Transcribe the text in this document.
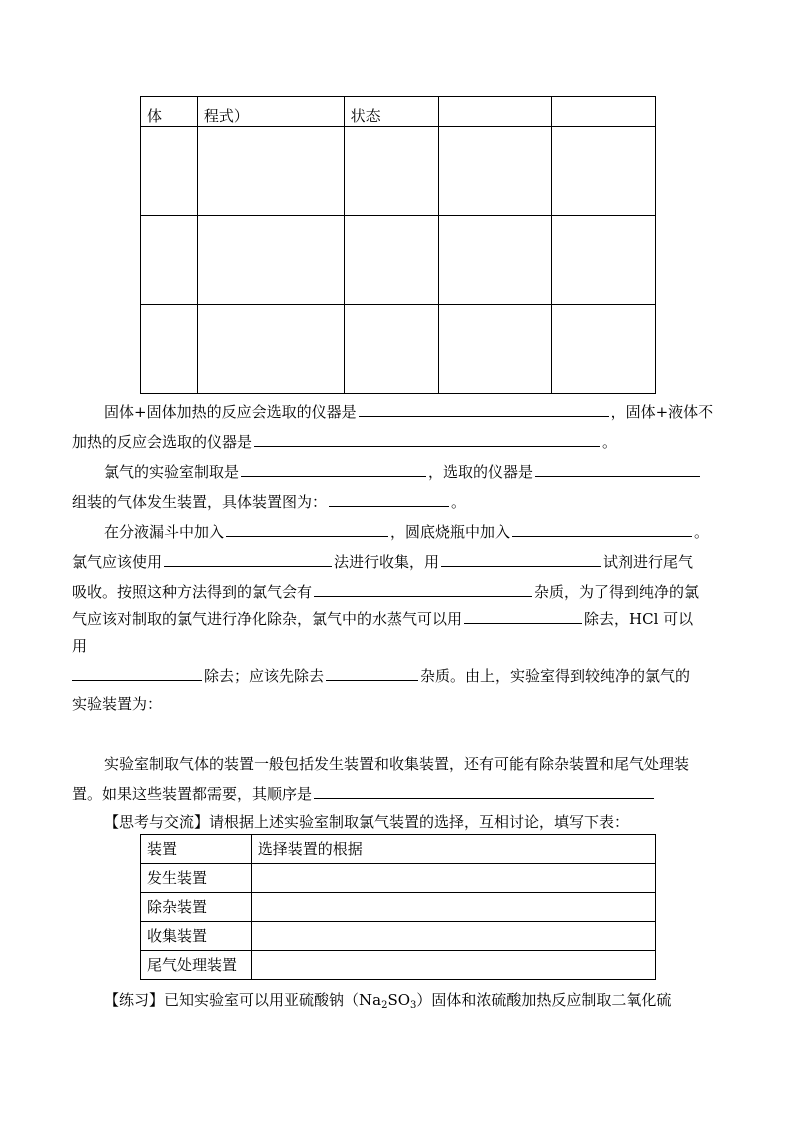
体	程式）	状态		

固体+固体加热的反应会选取的仪器是	，固体+液体不
加热的反应会选取的仪器是	。
氯气的实验室制取是	，选取的仪器是
组装的气体发生装置，具体装置图为：	。
在分液漏斗中加入	，圆底烧瓶中加入	。
氯气应该使用	法进行收集，用	试剂进行尾气
吸收。按照这种方法得到的氯气会有	杂质，为了得到纯净的氯
气应该对制取的氯气进行净化除杂，氯气中的水蒸气可以用	除去，HCl 可以
用
除去；应该先除去	杂质。由上，实验室得到较纯净的氯气的
实验装置为：
实验室制取气体的装置一般包括发生装置和收集装置，还有可能有除杂装置和尾气处理装
置。如果这些装置都需要，其顺序是
【思考与交流】请根据上述实验室制取氯气装置的选择，互相讨论，填写下表：
装置	选择装置的根据
发生装置	
除杂装置	
收集装置	
尾气处理装置	
【练习】已知实验室可以用亚硫酸钠$(Na_2SO_3)$固体和浓硫酸加热反应制取二氧化硫
